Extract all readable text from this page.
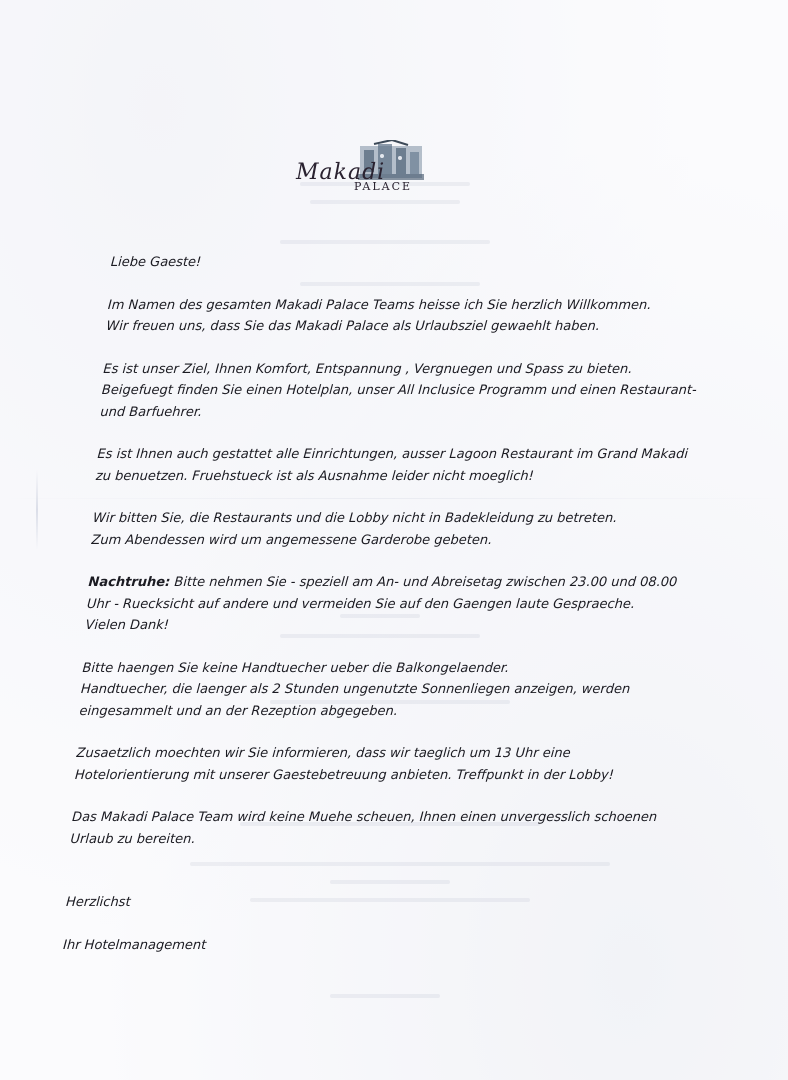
Makadi
PALACE

Liebe Gaeste!

Im Namen des gesamten Makadi Palace Teams heisse ich Sie herzlich Willkommen.
Wir freuen uns, dass Sie das Makadi Palace als Urlaubsziel gewaehlt haben.

Es ist unser Ziel, Ihnen Komfort, Entspannung , Vergnuegen und Spass zu bieten.
Beigefuegt finden Sie einen Hotelplan, unser All Inclusice Programm und einen Restaurant-
und Barfuehrer.

Es ist Ihnen auch gestattet alle Einrichtungen, ausser Lagoon Restaurant im Grand Makadi
zu benuetzen. Fruehstueck ist als Ausnahme leider nicht moeglich!

Wir bitten Sie, die Restaurants und die Lobby nicht in Badekleidung zu betreten.
Zum Abendessen wird um angemessene Garderobe gebeten.

Nachtruhe: Bitte nehmen Sie - speziell am An- und Abreisetag zwischen 23.00 und 08.00
Uhr - Ruecksicht auf andere und vermeiden Sie auf den Gaengen laute Gespraeche.
Vielen Dank!

Bitte haengen Sie keine Handtuecher ueber die Balkongelaender.
Handtuecher, die laenger als 2 Stunden ungenutzte Sonnenliegen anzeigen, werden
eingesammelt und an der Rezeption abgegeben.

Zusaetzlich moechten wir Sie informieren, dass wir taeglich um 13 Uhr eine
Hotelorientierung mit unserer Gaestebetreuung anbieten. Treffpunkt in der Lobby!

Das Makadi Palace Team wird keine Muehe scheuen, Ihnen einen unvergesslich schoenen
Urlaub zu bereiten.

Herzlichst

Ihr Hotelmanagement
